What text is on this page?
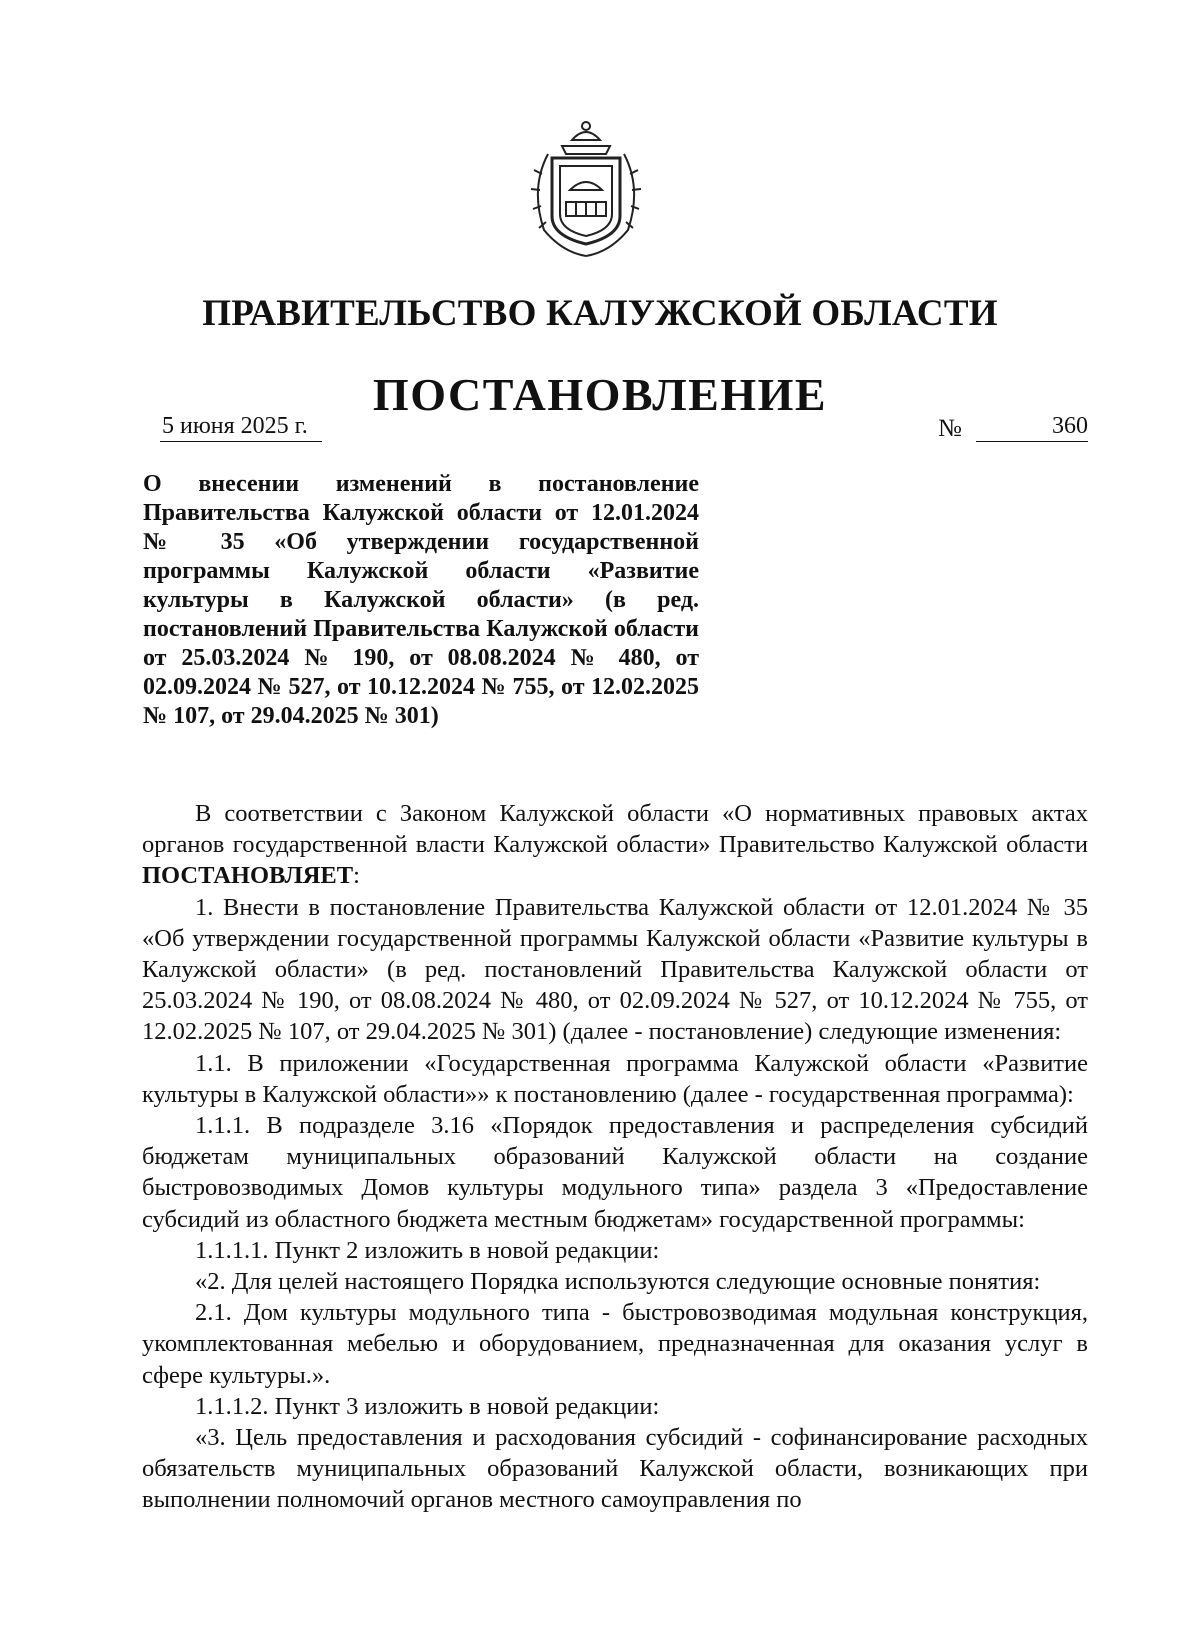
ПРАВИТЕЛЬСТВО КАЛУЖСКОЙ ОБЛАСТИ
ПОСТАНОВЛЕНИЕ
5 июня 2025 г.	№	360
О внесении изменений в постановление Правительства Калужской области от 12.01.2024 № 35 «Об утверждении государственной программы Калужской области «Развитие культуры в Калужской области» (в ред. постановлений Правительства Калужской области от 25.03.2024 № 190, от 08.08.2024 № 480, от 02.09.2024 № 527, от 10.12.2024 № 755, от 12.02.2025 № 107, от 29.04.2025 № 301)

В соответствии с Законом Калужской области «О нормативных правовых актах органов государственной власти Калужской области» Правительство Калужской области ПОСТАНОВЛЯЕТ:

1. Внести в постановление Правительства Калужской области от 12.01.2024 № 35 «Об утверждении государственной программы Калужской области «Развитие культуры в Калужской области» (в ред. постановлений Правительства Калужской области от 25.03.2024 № 190, от 08.08.2024 № 480, от 02.09.2024 № 527, от 10.12.2024 № 755, от 12.02.2025 № 107, от 29.04.2025 № 301) (далее - постановление) следующие изменения:

1.1. В приложении «Государственная программа Калужской области «Развитие культуры в Калужской области»» к постановлению (далее - государственная программа):

1.1.1. В подразделе 3.16 «Порядок предоставления и распределения субсидий бюджетам муниципальных образований Калужской области на создание быстровозводимых Домов культуры модульного типа» раздела 3 «Предоставление субсидий из областного бюджета местным бюджетам» государственной программы:

1.1.1.1. Пункт 2 изложить в новой редакции:

«2. Для целей настоящего Порядка используются следующие основные понятия:

2.1. Дом культуры модульного типа - быстровозводимая модульная конструкция, укомплектованная мебелью и оборудованием, предназначенная для оказания услуг в сфере культуры.».

1.1.1.2. Пункт 3 изложить в новой редакции:

«3. Цель предоставления и расходования субсидий - софинансирование расходных обязательств муниципальных образований Калужской области, возникающих при выполнении полномочий органов местного самоуправления по
